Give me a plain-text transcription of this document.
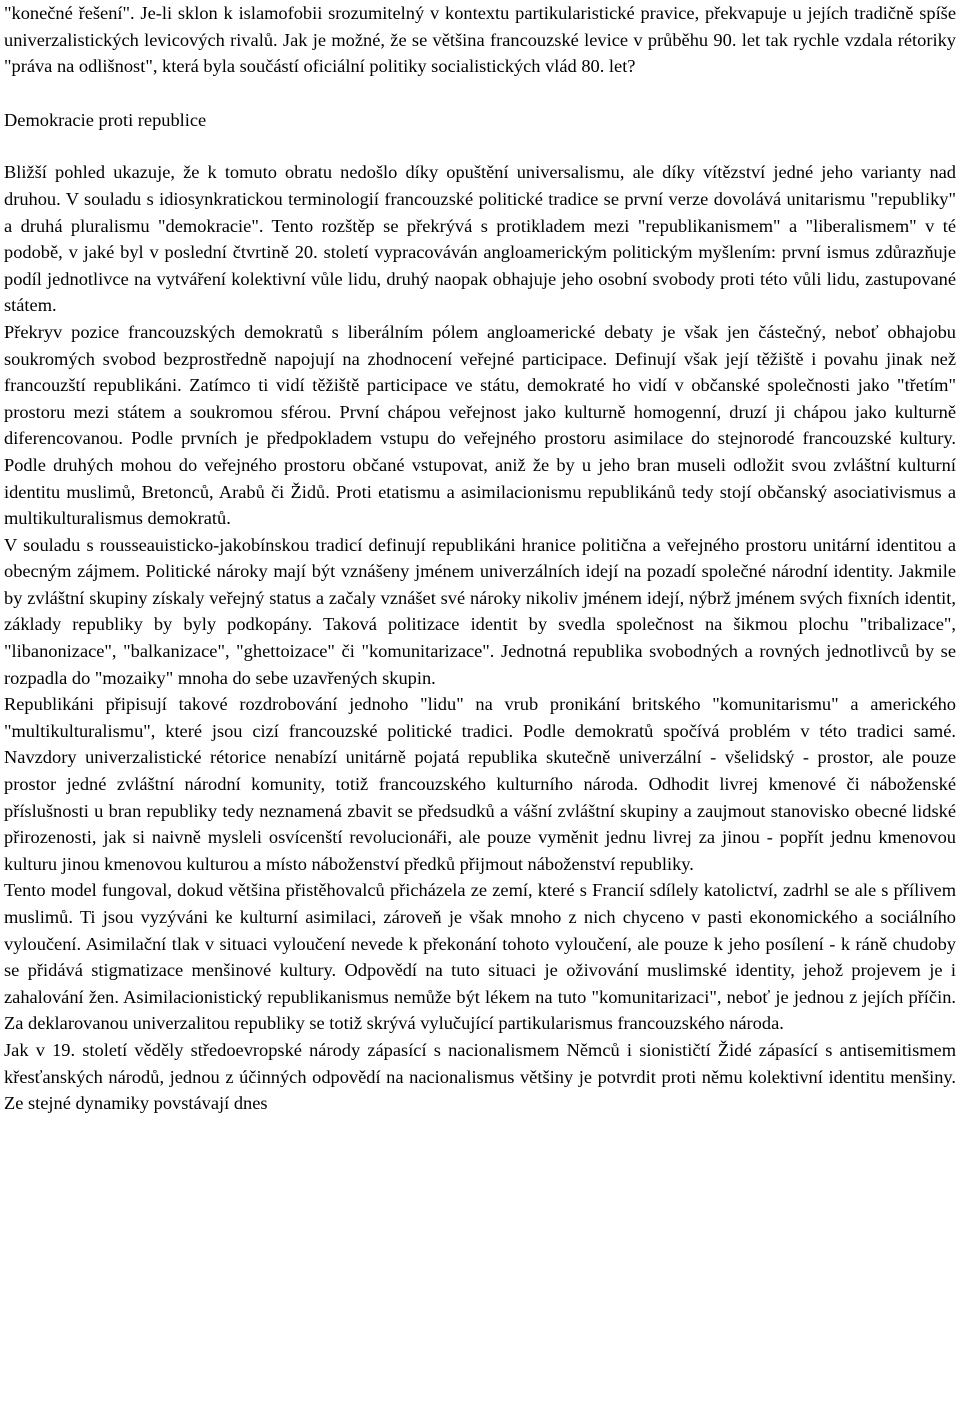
"konečné řešení". Je-li sklon k islamofobii srozumitelný v kontextu partikularistické pravice, překvapuje u jejích tradičně spíše univerzalistických levicových rivalů. Jak je možné, že se většina francouzské levice v průběhu 90. let tak rychle vzdala rétoriky "práva na odlišnost", která byla součástí oficiální politiky socialistických vlád 80. let?

Demokracie proti republice

Bližší pohled ukazuje, že k tomuto obratu nedošlo díky opuštění universalismu, ale díky vítězství jedné jeho varianty nad druhou. V souladu s idiosynkratickou terminologií francouzské politické tradice se první verze dovolává unitarismu "republiky" a druhá pluralismu "demokracie". Tento rozštěp se překrývá s protikladem mezi "republikanismem" a "liberalismem" v té podobě, v jaké byl v poslední čtvrtině 20. století vypracováván angloamerickým politickým myšlením: první ismus zdůrazňuje podíl jednotlivce na vytváření kolektivní vůle lidu, druhý naopak obhajuje jeho osobní svobody proti této vůli lidu, zastupované státem.

Překryv pozice francouzských demokratů s liberálním pólem angloamerické debaty je však jen částečný, neboť obhajobu soukromých svobod bezprostředně napojují na zhodnocení veřejné participace. Definují však její těžiště i povahu jinak než francouzští republikáni. Zatímco ti vidí těžiště participace ve státu, demokraté ho vidí v občanské společnosti jako "třetím" prostoru mezi státem a soukromou sférou. První chápou veřejnost jako kulturně homogenní, druzí ji chápou jako kulturně diferencovanou. Podle prvních je předpokladem vstupu do veřejného prostoru asimilace do stejnorodé francouzské kultury. Podle druhých mohou do veřejného prostoru občané vstupovat, aniž že by u jeho bran museli odložit svou zvláštní kulturní identitu muslimů, Bretonců, Arabů či Židů. Proti etatismu a asimilacionismu republikánů tedy stojí občanský asociativismus a multikulturalismus demokratů.

V souladu s rousseauisticko-jakobínskou tradicí definují republikáni hranice politična a veřejného prostoru unitární identitou a obecným zájmem. Politické nároky mají být vznášeny jménem univerzálních idejí na pozadí společné národní identity. Jakmile by zvláštní skupiny získaly veřejný status a začaly vznášet své nároky nikoliv jménem idejí, nýbrž jménem svých fixních identit, základy republiky by byly podkopány. Taková politizace identit by svedla společnost na šikmou plochu "tribalizace", "libanonizace", "balkanizace", "ghettoizace" či "komunitarizace". Jednotná republika svobodných a rovných jednotlivců by se rozpadla do "mozaiky" mnoha do sebe uzavřených skupin.

Republikáni připisují takové rozdrobování jednoho "lidu" na vrub pronikání britského "komunitarismu" a amerického "multikulturalismu", které jsou cizí francouzské politické tradici. Podle demokratů spočívá problém v této tradici samé. Navzdory univerzalistické rétorice nenabízí unitárně pojatá republika skutečně univerzální - všelidský - prostor, ale pouze prostor jedné zvláštní národní komunity, totiž francouzského kulturního národa. Odhodit livrej kmenové či náboženské příslušnosti u bran republiky tedy neznamená zbavit se předsudků a vášní zvláštní skupiny a zaujmout stanovisko obecné lidské přirozenosti, jak si naivně mysleli osvícenští revolucionáři, ale pouze vyměnit jednu livrej za jinou - popřít jednu kmenovou kulturu jinou kmenovou kulturou a místo náboženství předků přijmout náboženství republiky.

Tento model fungoval, dokud většina přistěhovalců přicházela ze zemí, které s Francií sdílely katolictví, zadrhl se ale s přílivem muslimů. Ti jsou vyzýváni ke kulturní asimilaci, zároveň je však mnoho z nich chyceno v pasti ekonomického a sociálního vyloučení. Asimilační tlak v situaci vyloučení nevede k překonání tohoto vyloučení, ale pouze k jeho posílení - k ráně chudoby se přidává stigmatizace menšinové kultury. Odpovědí na tuto situaci je oživování muslimské identity, jehož projevem je i zahalování žen. Asimilacionistický republikanismus nemůže být lékem na tuto "komunitarizaci", neboť je jednou z jejích příčin. Za deklarovanou univerzalitou republiky se totiž skrývá vylučující partikularismus francouzského národa.

Jak v 19. století věděly středoevropské národy zápasící s nacionalismem Němců i sionističtí Židé zápasící s antisemitismem křesťanských národů, jednou z účinných odpovědí na nacionalismus většiny je potvrdit proti němu kolektivní identitu menšiny. Ze stejné dynamiky povstávají dnes
